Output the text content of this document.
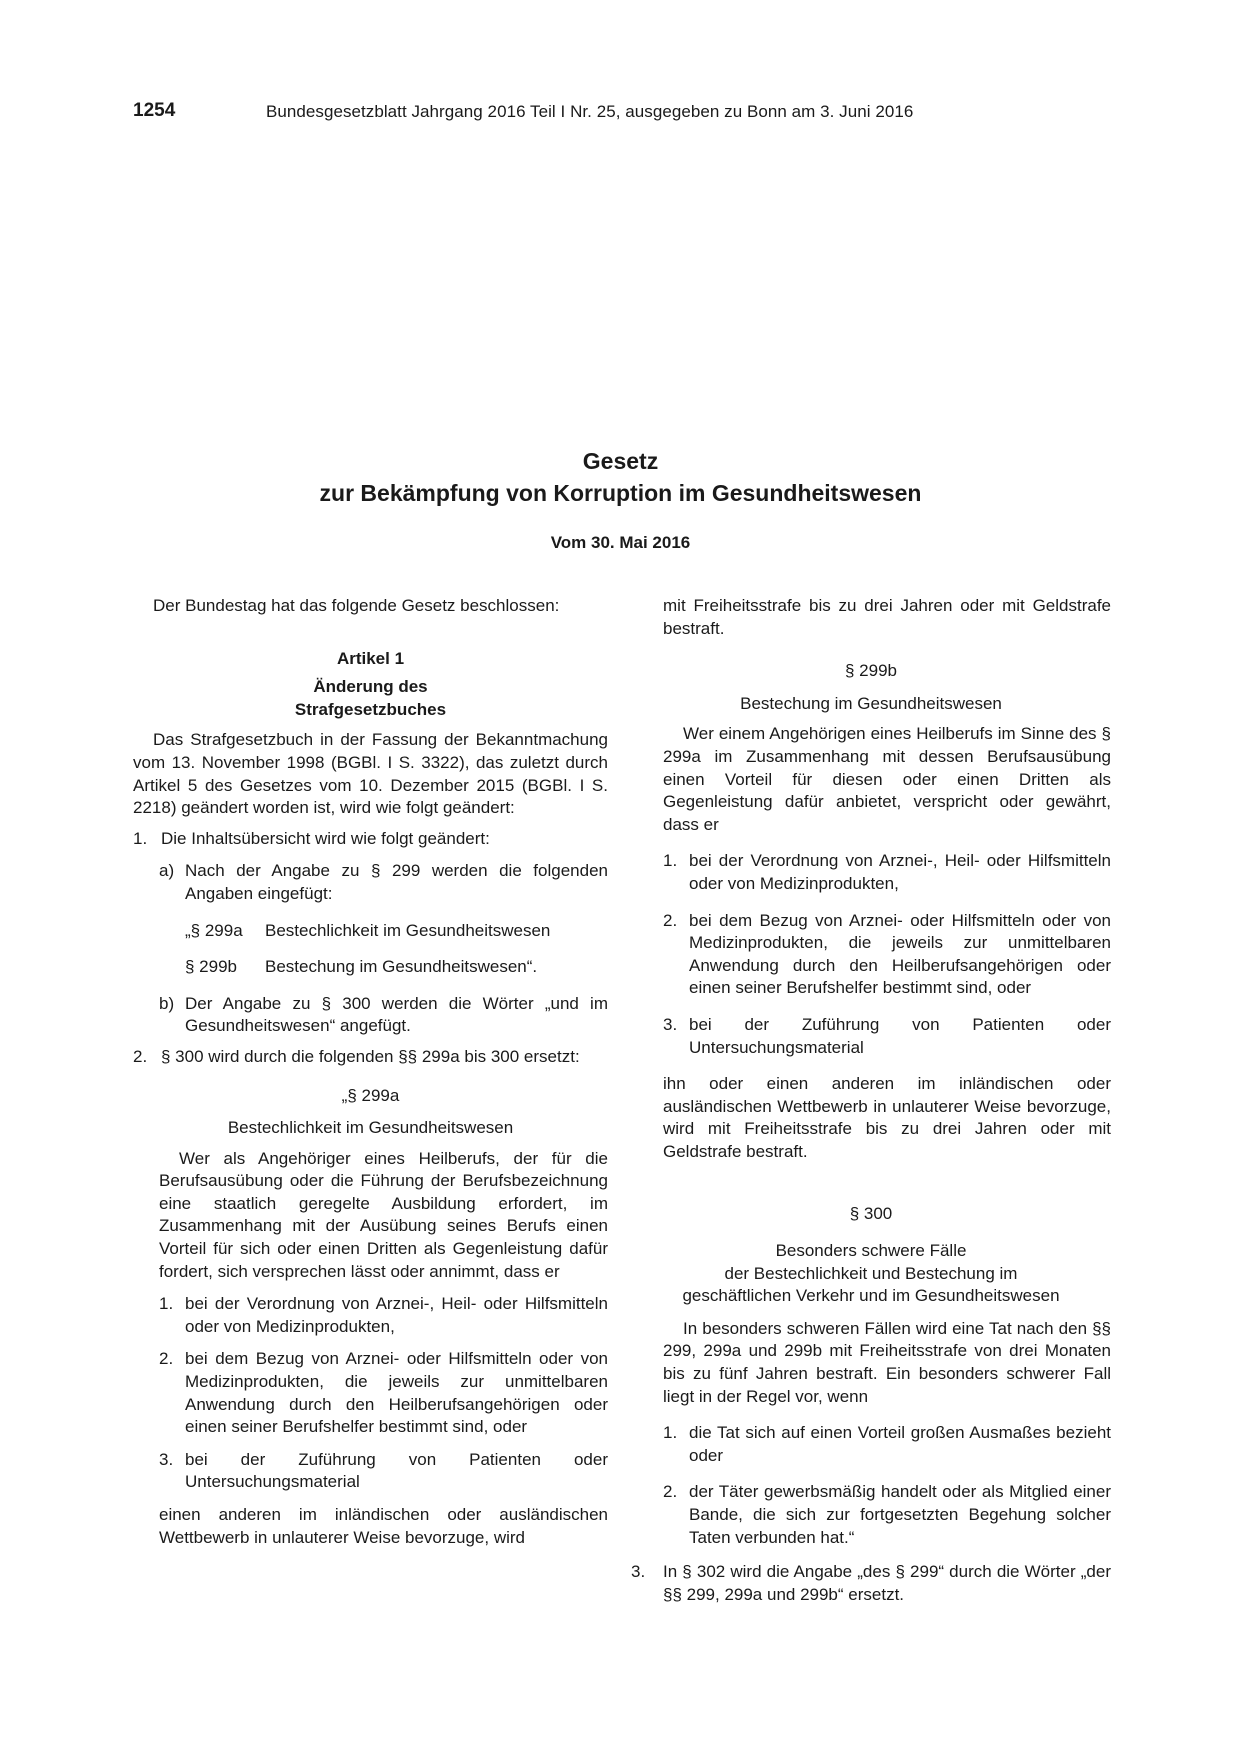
1254	Bundesgesetzblatt Jahrgang 2016 Teil I Nr. 25, ausgegeben zu Bonn am 3. Juni 2016
Gesetz
zur Bekämpfung von Korruption im Gesundheitswesen
Vom 30. Mai 2016

Der Bundestag hat das folgende Gesetz beschlossen:

Artikel 1

Änderung des Strafgesetzbuches

Das Strafgesetzbuch in der Fassung der Bekanntmachung vom 13. November 1998 (BGBl. I S. 3322), das zuletzt durch Artikel 5 des Gesetzes vom 10. Dezember 2015 (BGBl. I S. 2218) geändert worden ist, wird wie folgt geändert:

1. Die Inhaltsübersicht wird wie folgt geändert:
a) Nach der Angabe zu § 299 werden die folgenden Angaben eingefügt:
„§ 299a Bestechlichkeit im Gesundheitswesen
§ 299b Bestechung im Gesundheitswesen“.
b) Der Angabe zu § 300 werden die Wörter „und im Gesundheitswesen“ angefügt.
2. § 300 wird durch die folgenden §§ 299a bis 300 ersetzt:

„§ 299a

Bestechlichkeit im Gesundheitswesen

Wer als Angehöriger eines Heilberufs, der für die Berufsausübung oder die Führung der Berufsbezeichnung eine staatlich geregelte Ausbildung erfordert, im Zusammenhang mit der Ausübung seines Berufs einen Vorteil für sich oder einen Dritten als Gegenleistung dafür fordert, sich versprechen lässt oder annimmt, dass er

1. bei der Verordnung von Arznei-, Heil- oder Hilfsmitteln oder von Medizinprodukten,
2. bei dem Bezug von Arznei- oder Hilfsmitteln oder von Medizinprodukten, die jeweils zur unmittelbaren Anwendung durch den Heilberufsangehörigen oder einen seiner Berufshelfer bestimmt sind, oder
3. bei der Zuführung von Patienten oder Untersuchungsmaterial

einen anderen im inländischen oder ausländischen Wettbewerb in unlauterer Weise bevorzuge, wird

mit Freiheitsstrafe bis zu drei Jahren oder mit Geldstrafe bestraft.

§ 299b

Bestechung im Gesundheitswesen

Wer einem Angehörigen eines Heilberufs im Sinne des § 299a im Zusammenhang mit dessen Berufsausübung einen Vorteil für diesen oder einen Dritten als Gegenleistung dafür anbietet, verspricht oder gewährt, dass er

1. bei der Verordnung von Arznei-, Heil- oder Hilfsmitteln oder von Medizinprodukten,
2. bei dem Bezug von Arznei- oder Hilfsmitteln oder von Medizinprodukten, die jeweils zur unmittelbaren Anwendung durch den Heilberufsangehörigen oder einen seiner Berufshelfer bestimmt sind, oder
3. bei der Zuführung von Patienten oder Untersuchungsmaterial

ihn oder einen anderen im inländischen oder ausländischen Wettbewerb in unlauterer Weise bevorzuge, wird mit Freiheitsstrafe bis zu drei Jahren oder mit Geldstrafe bestraft.

§ 300

Besonders schwere Fälle

der Bestechlichkeit und Bestechung im

geschäftlichen Verkehr und im Gesundheitswesen

In besonders schweren Fällen wird eine Tat nach den §§ 299, 299a und 299b mit Freiheitsstrafe von drei Monaten bis zu fünf Jahren bestraft. Ein besonders schwerer Fall liegt in der Regel vor, wenn

1. die Tat sich auf einen Vorteil großen Ausmaßes bezieht oder
2. der Täter gewerbsmäßig handelt oder als Mitglied einer Bande, die sich zur fortgesetzten Begehung solcher Taten verbunden hat.“
3. In § 302 wird die Angabe „des § 299“ durch die Wörter „der §§ 299, 299a und 299b“ ersetzt.
